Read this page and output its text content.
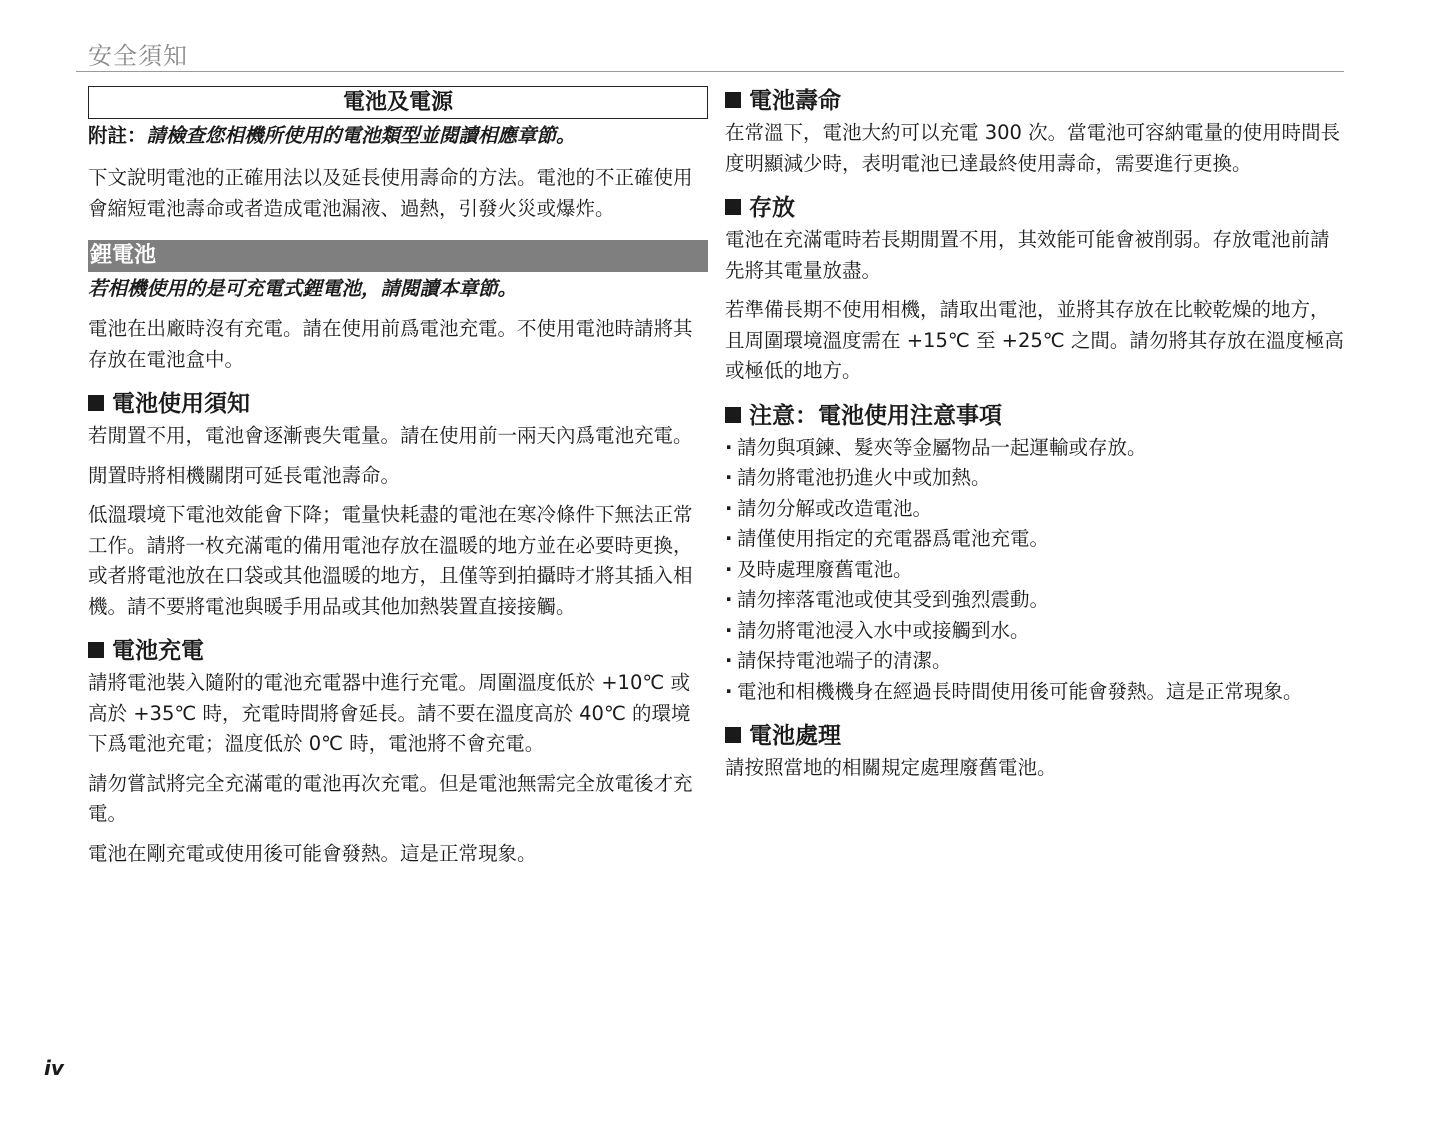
安全須知
電池及電源
附註：請檢查您相機所使用的電池類型並閱讀相應章節。

下文說明電池的正確用法以及延長使用壽命的方法。電池的不正確使用會縮短電池壽命或者造成電池漏液、過熱，引發火災或爆炸。

鋰電池
若相機使用的是可充電式鋰電池，請閱讀本章節。

電池在出廠時沒有充電。請在使用前爲電池充電。不使用電池時請將其存放在電池盒中。

電池使用須知

若閒置不用，電池會逐漸喪失電量。請在使用前一兩天內爲電池充電。

閒置時將相機關閉可延長電池壽命。

低溫環境下電池效能會下降；電量快耗盡的電池在寒冷條件下無法正常工作。請將一枚充滿電的備用電池存放在溫暖的地方並在必要時更換，或者將電池放在口袋或其他溫暖的地方，且僅等到拍攝時才將其插入相機。請不要將電池與暖手用品或其他加熱裝置直接接觸。

電池充電

請將電池裝入隨附的電池充電器中進行充電。周圍溫度低於 +10℃ 或高於 +35℃ 時，充電時間將會延長。請不要在溫度高於 40℃ 的環境下爲電池充電；溫度低於 0℃ 時，電池將不會充電。

請勿嘗試將完全充滿電的電池再次充電。但是電池無需完全放電後才充電。

電池在剛充電或使用後可能會發熱。這是正常現象。

電池壽命

在常溫下，電池大約可以充電 300 次。當電池可容納電量的使用時間長度明顯減少時，表明電池已達最終使用壽命，需要進行更換。

存放

電池在充滿電時若長期閒置不用，其效能可能會被削弱。存放電池前請先將其電量放盡。

若準備長期不使用相機，請取出電池，並將其存放在比較乾燥的地方，且周圍環境溫度需在 +15℃ 至 +25℃ 之間。請勿將其存放在溫度極高或極低的地方。

注意：電池使用注意事項
· 請勿與項鍊、髮夾等金屬物品一起運輸或存放。
· 請勿將電池扔進火中或加熱。
· 請勿分解或改造電池。
· 請僅使用指定的充電器爲電池充電。
· 及時處理廢舊電池。
· 請勿摔落電池或使其受到強烈震動。
· 請勿將電池浸入水中或接觸到水。
· 請保持電池端子的清潔。
· 電池和相機機身在經過長時間使用後可能會發熱。這是正常現象。
電池處理

請按照當地的相關規定處理廢舊電池。

iv
